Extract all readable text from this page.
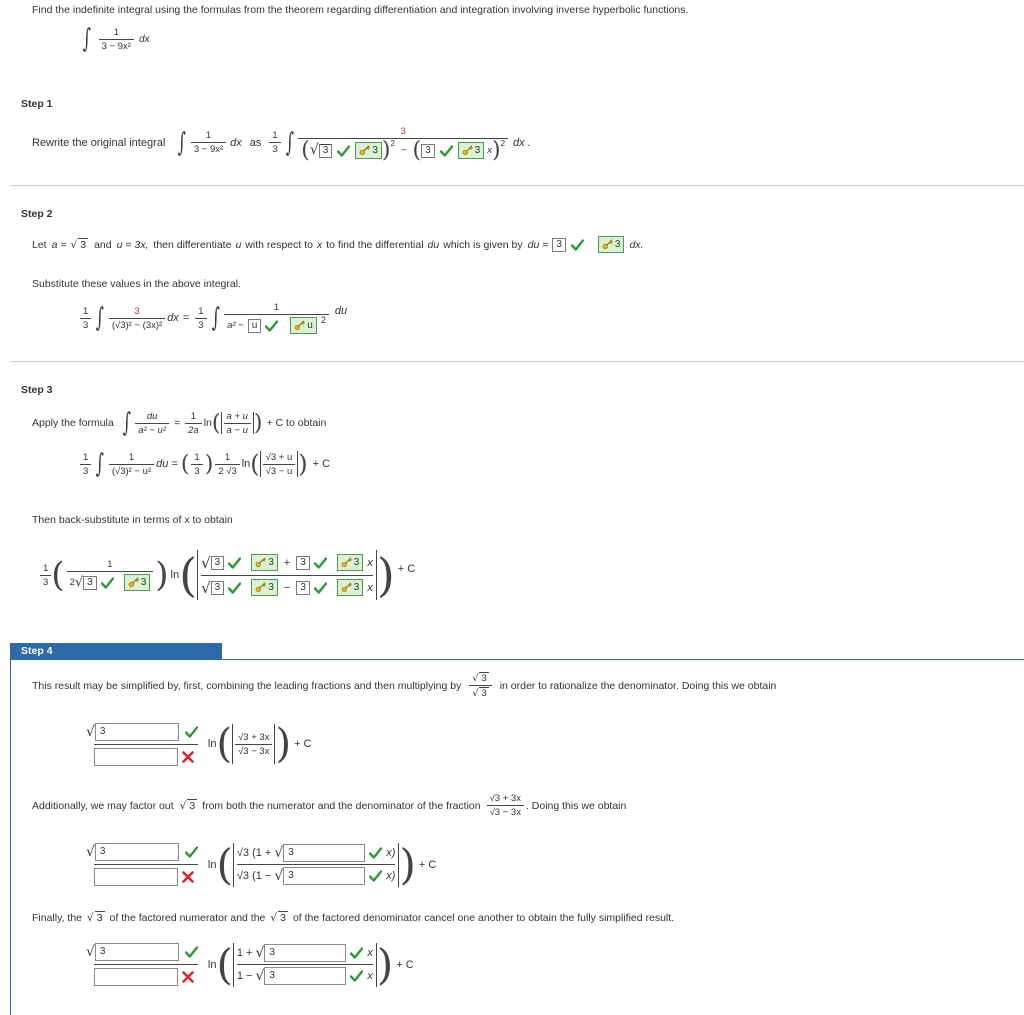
Find the indefinite integral using the formulas from the theorem regarding differentiation and integration involving inverse hyperbolic functions.
∫ $\frac{1}{\text{3 − 9x²}}$ dx
Step 1
Rewrite the original integral ∫ $\frac{1}{\text{3 − 9x²}}$ dx as $\frac{1}{3}$ ∫	3
( √ 3	3 )$^2$
− ( 3	3 x )$^2$ dx .
Step 2
Let a = √ 3 and u = 3x, then differentiate u with respect to x to find the differential du which is given by du = 3	3 dx.
Substitute these values in the above integral.
$\frac{1}{3}$ ∫ $\frac{3}{\text{(√3)² − (3x)²}}$ dx = $\frac{1}{3}$ ∫ 1
a² − u	u 2 du
Step 3
Apply the formula ∫ $\frac{du}{\text{a² − u²}} = \frac{1}{2a}$ ln ( $\frac{a + u}{a - u}$ ) + C to obtain
$\frac{1}{3}$ ∫ $\frac{1}{\text{(√3)² − u²}}$ du = ( $\frac{1}{3}$ ) $\frac{1}{2 √3}$ ln ( $\frac{√3 + u}{√3 - u}$ ) + C
Then back-substitute in terms of x to obtain
$\frac{1}{3}$ ( 1
2 √ 3	3 ) ln ( √ 3	3 +	3	3 x
√ 3	3 −	3	3 x ) + C
Step 4
This result may be simplified by, first, combining the leading fractions and then multiplying by $\frac{√ 3}{√ 3}$ in order to rationalize the denominator. Doing this we obtain
√ 3
ln ( $\frac{√3 + 3x}{√3 - 3x}$ ) + C
Additionally, we may factor out √ 3 from both the numerator and the denominator of the fraction $\frac{√3 + 3x}{√3 - 3x}$ . Doing this we obtain
√ 3
ln ( √3 (1 + √ 3	x)
√3 (1 − √ 3	x) ) + C
Finally, the √ 3 of the factored numerator and the √ 3 of the factored denominator cancel one another to obtain the fully simplified result.
√ 3
ln ( 1 + √ 3	x
1 − √ 3	x ) + C
